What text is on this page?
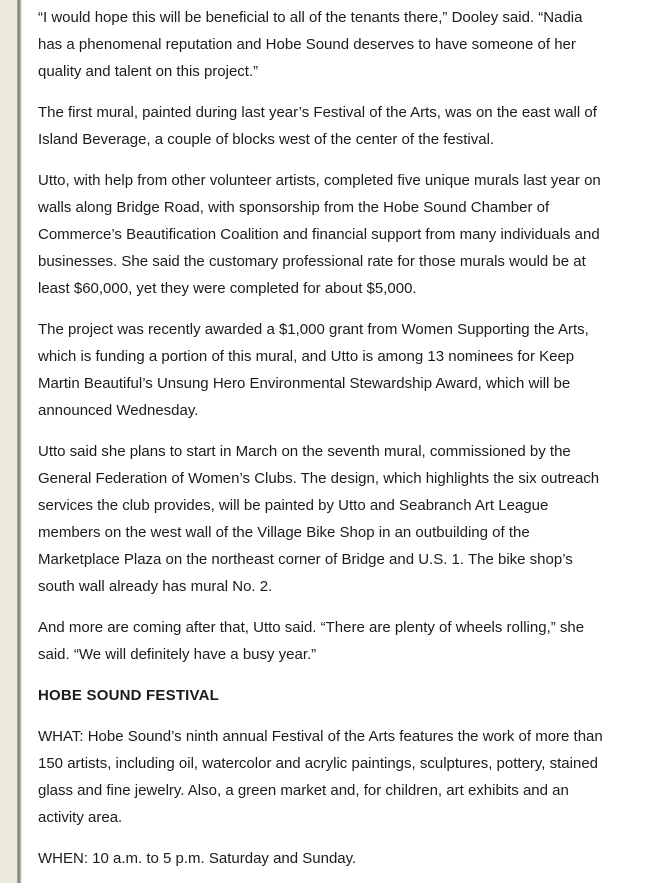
“I would hope this will be beneficial to all of the tenants there,” Dooley said. “Nadia
has a phenomenal reputation and Hobe Sound deserves to have someone of her
quality and talent on this project.”

The first mural, painted during last year’s Festival of the Arts, was on the east wall of
Island Beverage, a couple of blocks west of the center of the festival.

Utto, with help from other volunteer artists, completed five unique murals last year on
walls along Bridge Road, with sponsorship from the Hobe Sound Chamber of
Commerce’s Beautification Coalition and financial support from many individuals and
businesses. She said the customary professional rate for those murals would be at
least $60,000, yet they were completed for about $5,000.

The project was recently awarded a $1,000 grant from Women Supporting the Arts,
which is funding a portion of this mural, and Utto is among 13 nominees for Keep
Martin Beautiful’s Unsung Hero Environmental Stewardship Award, which will be
announced Wednesday.

Utto said she plans to start in March on the seventh mural, commissioned by the
General Federation of Women’s Clubs. The design, which highlights the six outreach
services the club provides, will be painted by Utto and Seabranch Art League
members on the west wall of the Village Bike Shop in an outbuilding of the
Marketplace Plaza on the northeast corner of Bridge and U.S. 1. The bike shop’s
south wall already has mural No. 2.

And more are coming after that, Utto said. “There are plenty of wheels rolling,” she
said. “We will definitely have a busy year.”

HOBE SOUND FESTIVAL

WHAT: Hobe Sound’s ninth annual Festival of the Arts features the work of more than
150 artists, including oil, watercolor and acrylic paintings, sculptures, pottery, stained
glass and fine jewelry. Also, a green market and, for children, art exhibits and an
activity area.

WHEN: 10 a.m. to 5 p.m. Saturday and Sunday.
